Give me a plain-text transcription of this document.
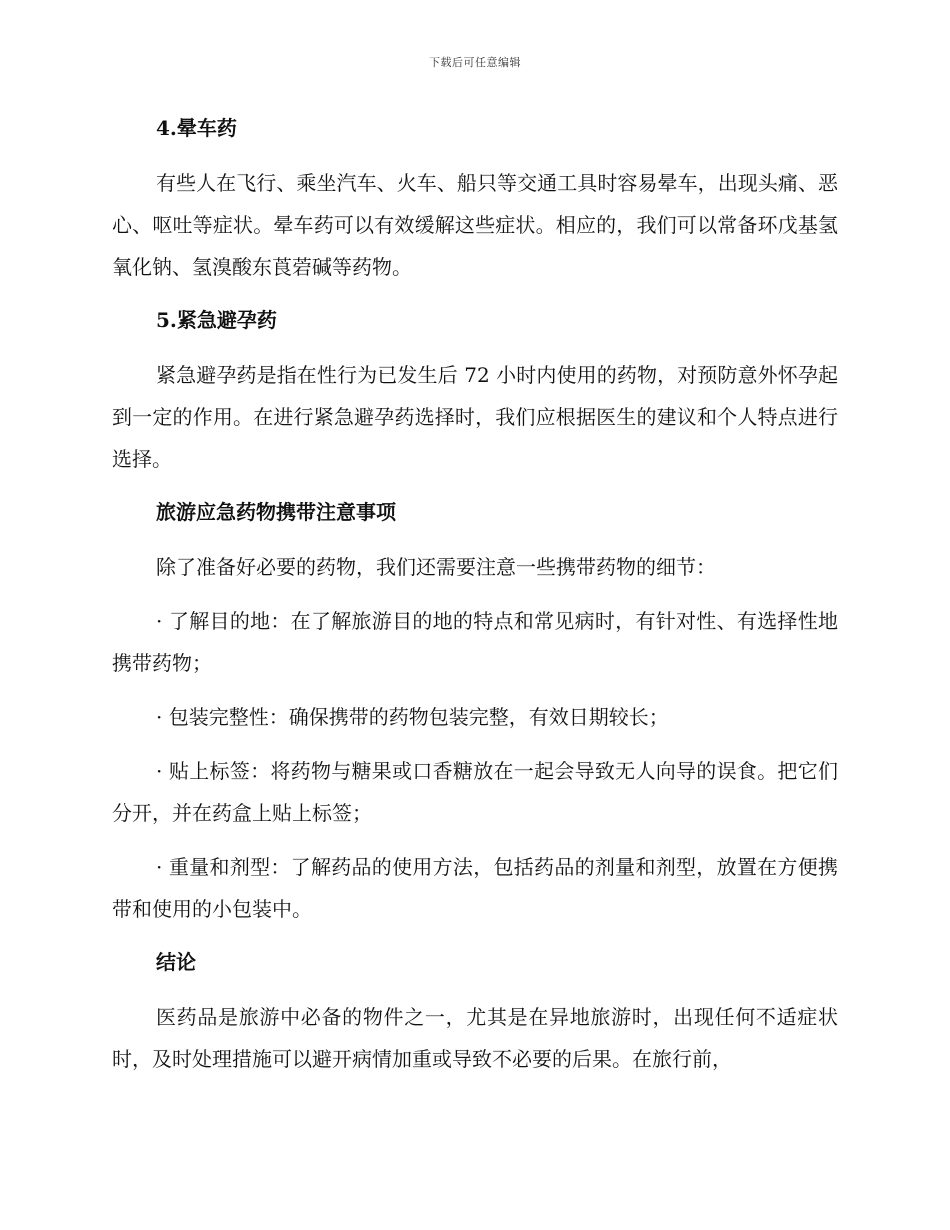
下载后可任意编辑
4.晕车药
有些人在飞行、乘坐汽车、火车、船只等交通工具时容易晕车，出现头痛、恶心、呕吐等症状。晕车药可以有效缓解这些症状。相应的，我们可以常备环戊基氢氧化钠、氢溴酸东莨菪碱等药物。
5.紧急避孕药
紧急避孕药是指在性行为已发生后 72 小时内使用的药物，对预防意外怀孕起到一定的作用。在进行紧急避孕药选择时，我们应根据医生的建议和个人特点进行选择。
旅游应急药物携带注意事项
除了准备好必要的药物，我们还需要注意一些携带药物的细节：
· 了解目的地：在了解旅游目的地的特点和常见病时，有针对性、有选择性地携带药物；
· 包装完整性：确保携带的药物包装完整，有效日期较长；
· 贴上标签：将药物与糖果或口香糖放在一起会导致无人向导的误食。把它们分开，并在药盒上贴上标签；
· 重量和剂型：了解药品的使用方法，包括药品的剂量和剂型，放置在方便携带和使用的小包装中。
结论
医药品是旅游中必备的物件之一，尤其是在异地旅游时，出现任何不适症状时，及时处理措施可以避开病情加重或导致不必要的后果。在旅行前，
